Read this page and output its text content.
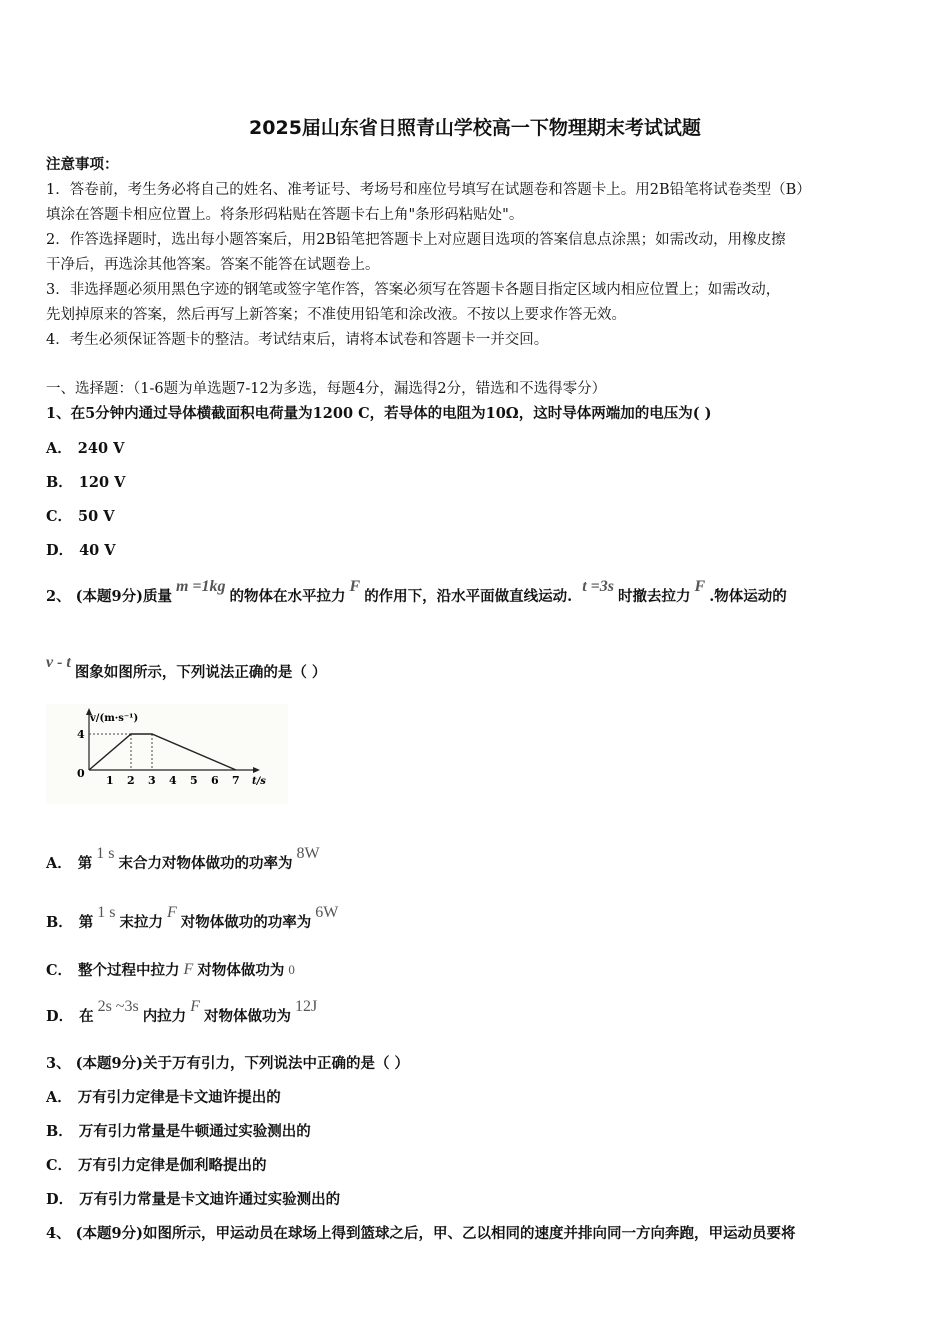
2025届山东省日照青山学校高一下物理期末考试试题
注意事项：
1．答卷前，考生务必将自己的姓名、准考证号、考场号和座位号填写在试题卷和答题卡上。用2B铅笔将试卷类型（B）
填涂在答题卡相应位置上。将条形码粘贴在答题卡右上角"条形码粘贴处"。
2．作答选择题时，选出每小题答案后，用2B铅笔把答题卡上对应题目选项的答案信息点涂黑；如需改动，用橡皮擦
干净后，再选涂其他答案。答案不能答在试题卷上。
3．非选择题必须用黑色字迹的钢笔或签字笔作答，答案必须写在答题卡各题目指定区域内相应位置上；如需改动，
先划掉原来的答案，然后再写上新答案；不准使用铅笔和涂改液。不按以上要求作答无效。
4．考生必须保证答题卡的整洁。考试结束后，请将本试卷和答题卡一并交回。
一、选择题：（1-6题为单选题7-12为多选，每题4分，漏选得2分，错选和不选得零分）
1、在5分钟内通过导体横截面积电荷量为1200 C，若导体的电阻为10Ω，这时导体两端加的电压为( )
A． 240 V
B． 120 V
C． 50 V
D． 40 V
2、 (本题9分)质量m =1kg的物体在水平拉力F的作用下，沿水平面做直线运动.t =3s时撤去拉力F.物体运动的
v - t图象如图所示，下列说法正确的是（ ）
v/(m·s⁻¹)
4
0
1 2 3 4 5 6 7 t/s
A． 第1 s末合力对物体做功的功率为8W
B． 第1 s末拉力F对物体做功的功率为6W
C． 整个过程中拉力 F 对物体做功为 0
D． 在2s ~3s内拉力F对物体做功为12J
3、 (本题9分)关于万有引力，下列说法中正确的是（ ）
A． 万有引力定律是卡文迪许提出的
B． 万有引力常量是牛顿通过实验测出的
C． 万有引力定律是伽利略提出的
D． 万有引力常量是卡文迪许通过实验测出的
4、 (本题9分)如图所示，甲运动员在球场上得到篮球之后，甲、乙以相同的速度并排向同一方向奔跑，甲运动员要将
